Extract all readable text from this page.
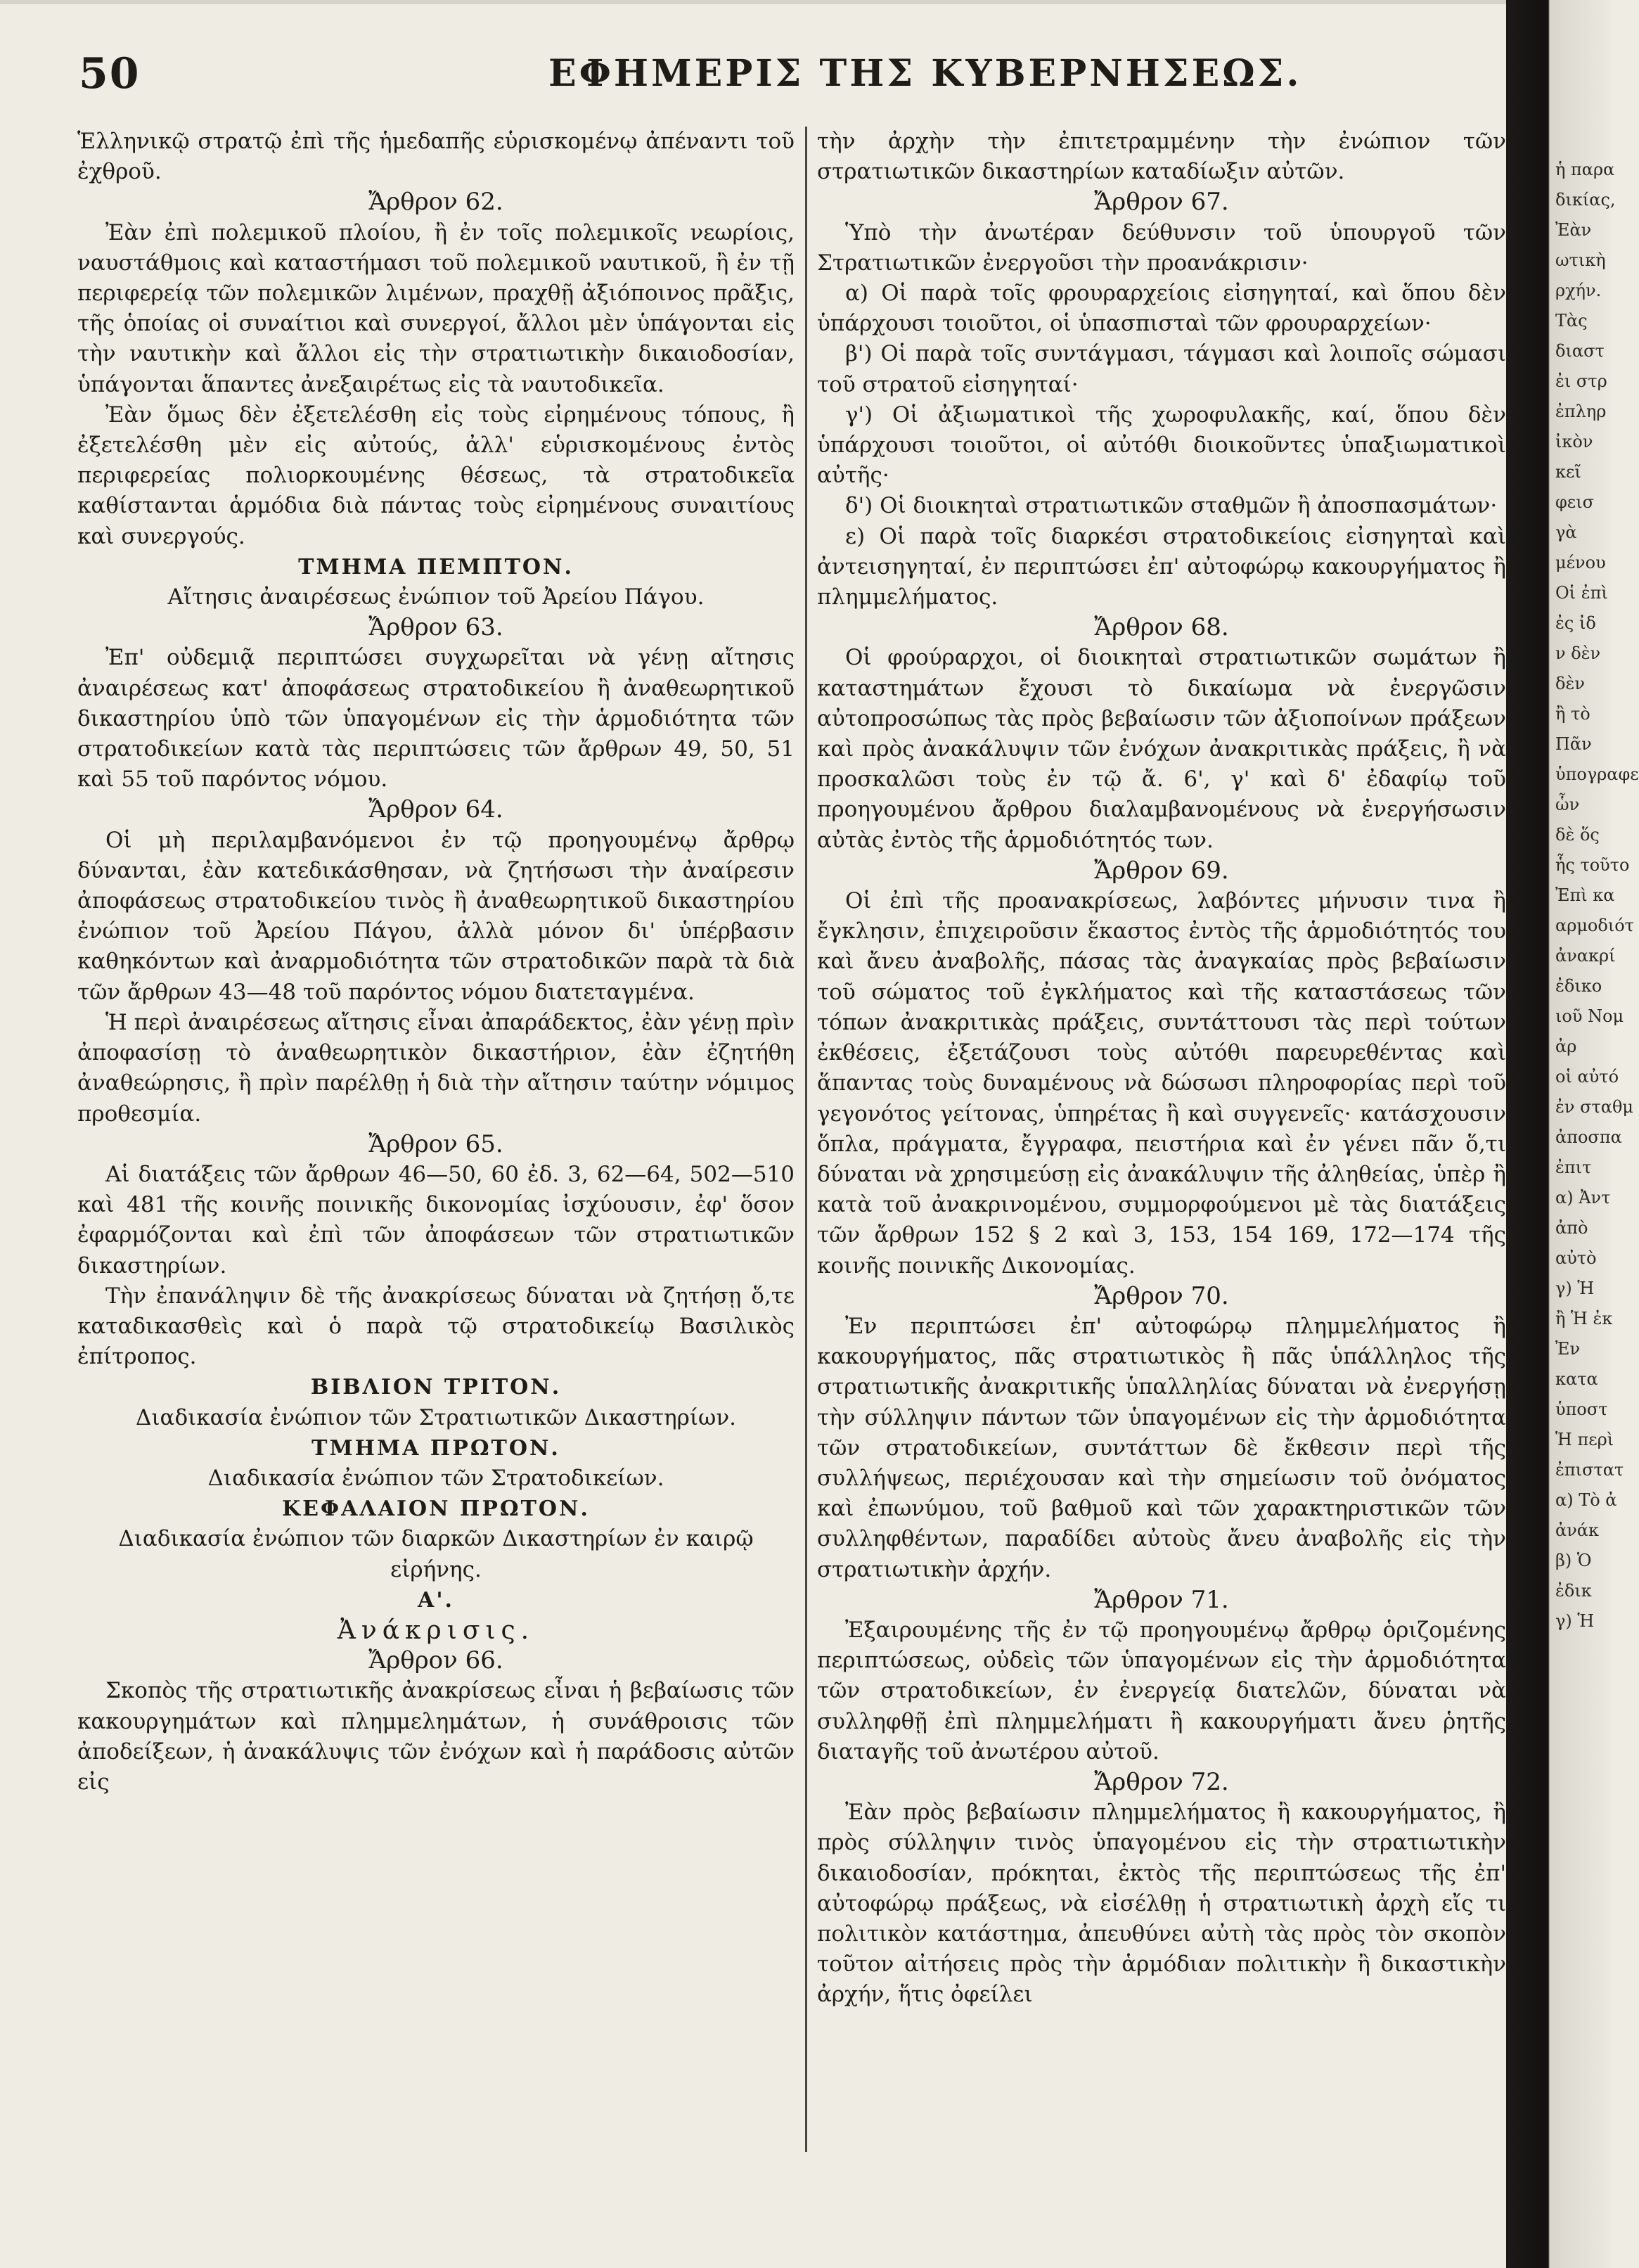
50	ΕΦΗΜΕΡΙΣ ΤΗΣ ΚΥΒΕΡΝΗΣΕΩΣ.

Ἑλληνικῷ στρατῷ ἐπὶ τῆς ἡμεδαπῆς εὑρισκομένῳ ἀπέναντι τοῦ ἐχθροῦ.

Ἄρθρον 62.

Ἐὰν ἐπὶ πολεμικοῦ πλοίου, ἢ ἐν τοῖς πολεμικοῖς νεωρίοις, ναυστάθμοις καὶ καταστήμασι τοῦ πολεμικοῦ ναυτικοῦ, ἢ ἐν τῇ περιφερείᾳ τῶν πολεμικῶν λιμένων, πραχθῇ ἀξιόποινος πρᾶξις, τῆς ὁποίας οἱ συναίτιοι καὶ συνεργοί, ἄλλοι μὲν ὑπάγονται εἰς τὴν ναυτικὴν καὶ ἄλλοι εἰς τὴν στρατιωτικὴν δικαιοδοσίαν, ὑπάγονται ἅπαντες ἀνεξαιρέτως εἰς τὰ ναυτοδικεῖα.

Ἐὰν ὅμως δὲν ἐξετελέσθη εἰς τοὺς εἰρημένους τόπους, ἢ ἐξετελέσθη μὲν εἰς αὐτούς, ἀλλ' εὑρισκομένους ἐντὸς περιφερείας πολιορκουμένης θέσεως, τὰ στρατοδικεῖα καθίστανται ἁρμόδια διὰ πάντας τοὺς εἰρημένους συναιτίους καὶ συνεργούς.

ΤΜΗΜΑ ΠΕΜΠΤΟΝ.
Αἴτησις ἀναιρέσεως ἐνώπιον τοῦ Ἀρείου Πάγου.
Ἄρθρον 63.

Ἐπ' οὐδεμιᾷ περιπτώσει συγχωρεῖται νὰ γένῃ αἴτησις ἀναιρέσεως κατ' ἀποφάσεως στρατοδικείου ἢ ἀναθεωρητικοῦ δικαστηρίου ὑπὸ τῶν ὑπαγομένων εἰς τὴν ἁρμοδιότητα τῶν στρατοδικείων κατὰ τὰς περιπτώσεις τῶν ἄρθρων 49, 50, 51 καὶ 55 τοῦ παρόντος νόμου.

Ἄρθρον 64.

Οἱ μὴ περιλαμβανόμενοι ἐν τῷ προηγουμένῳ ἄρθρῳ δύνανται, ἐὰν κατεδικάσθησαν, νὰ ζητήσωσι τὴν ἀναίρεσιν ἀποφάσεως στρατοδικείου τινὸς ἢ ἀναθεωρητικοῦ δικαστηρίου ἐνώπιον τοῦ Ἀρείου Πάγου, ἀλλὰ μόνον δι' ὑπέρβασιν καθηκόντων καὶ ἀναρμοδιότητα τῶν στρατοδικῶν παρὰ τὰ διὰ τῶν ἄρθρων 43—48 τοῦ παρόντος νόμου διατεταγμένα.

Ἡ περὶ ἀναιρέσεως αἴτησις εἶναι ἀπαράδεκτος, ἐὰν γένῃ πρὶν ἀποφασίσῃ τὸ ἀναθεωρητικὸν δικαστήριον, ἐὰν ἐζητήθη ἀναθεώρησις, ἢ πρὶν παρέλθῃ ἡ διὰ τὴν αἴτησιν ταύτην νόμιμος προθεσμία.

Ἄρθρον 65.

Αἱ διατάξεις τῶν ἄρθρων 46—50, 60 ἐδ. 3, 62—64, 502—510 καὶ 481 τῆς κοινῆς ποινικῆς δικονομίας ἰσχύουσιν, ἐφ' ὅσον ἐφαρμόζονται καὶ ἐπὶ τῶν ἀποφάσεων τῶν στρατιωτικῶν δικαστηρίων.

Τὴν ἐπανάληψιν δὲ τῆς ἀνακρίσεως δύναται νὰ ζητήσῃ ὅ,τε καταδικασθεὶς καὶ ὁ παρὰ τῷ στρατοδικείῳ Βασιλικὸς ἐπίτροπος.

ΒΙΒΛΙΟΝ ΤΡΙΤΟΝ.
Διαδικασία ἐνώπιον τῶν Στρατιωτικῶν Δικαστηρίων.
ΤΜΗΜΑ ΠΡΩΤΟΝ.
Διαδικασία ἐνώπιον τῶν Στρατοδικείων.
ΚΕΦΑΛΑΙΟΝ ΠΡΩΤΟΝ.
Διαδικασία ἐνώπιον τῶν διαρκῶν Δικαστηρίων ἐν καιρῷ εἰρήνης.
Α'.
Ἀνάκρισις.
Ἄρθρον 66.

Σκοπὸς τῆς στρατιωτικῆς ἀνακρίσεως εἶναι ἡ βεβαίωσις τῶν κακουργημάτων καὶ πλημμελημάτων, ἡ συνάθροισις τῶν ἀποδείξεων, ἡ ἀνακάλυψις τῶν ἐνόχων καὶ ἡ παράδοσις αὐτῶν εἰς

τὴν ἀρχὴν τὴν ἐπιτετραμμένην τὴν ἐνώπιον τῶν στρατιωτικῶν δικαστηρίων καταδίωξιν αὐτῶν.

Ἄρθρον 67.

Ὑπὸ τὴν ἀνωτέραν δεύθυνσιν τοῦ ὑπουργοῦ τῶν Στρατιωτικῶν ἐνεργοῦσι τὴν προανάκρισιν·

α) Οἱ παρὰ τοῖς φρουραρχείοις εἰσηγηταί, καὶ ὅπου δὲν ὑπάρχουσι τοιοῦτοι, οἱ ὑπασπισταὶ τῶν φρουραρχείων·

β') Οἱ παρὰ τοῖς συντάγμασι, τάγμασι καὶ λοιποῖς σώμασι τοῦ στρατοῦ εἰσηγηταί·

γ') Οἱ ἀξιωματικοὶ τῆς χωροφυλακῆς, καί, ὅπου δὲν ὑπάρχουσι τοιοῦτοι, οἱ αὐτόθι διοικοῦντες ὑπαξιωματικοὶ αὐτῆς·

δ') Οἱ διοικηταὶ στρατιωτικῶν σταθμῶν ἢ ἀποσπασμάτων·

ε) Οἱ παρὰ τοῖς διαρκέσι στρατοδικείοις εἰσηγηταὶ καὶ ἀντεισηγηταί, ἐν περιπτώσει ἐπ' αὐτοφώρῳ κακουργήματος ἢ πλημμελήματος.

Ἄρθρον 68.

Οἱ φρούραρχοι, οἱ διοικηταὶ στρατιωτικῶν σωμάτων ἢ καταστημάτων ἔχουσι τὸ δικαίωμα νὰ ἐνεργῶσιν αὐτοπροσώπως τὰς πρὸς βεβαίωσιν τῶν ἀξιοποίνων πράξεων καὶ πρὸς ἀνακάλυψιν τῶν ἐνόχων ἀνακριτικὰς πράξεις, ἢ νὰ προσκαλῶσι τοὺς ἐν τῷ ἄ. 6', γ' καὶ δ' ἐδαφίῳ τοῦ προηγουμένου ἄρθρου διαλαμβανομένους νὰ ἐνεργήσωσιν αὐτὰς ἐντὸς τῆς ἁρμοδιότητός των.

Ἄρθρον 69.

Οἱ ἐπὶ τῆς προανακρίσεως, λαβόντες μήνυσιν τινα ἢ ἔγκλησιν, ἐπιχειροῦσιν ἕκαστος ἐντὸς τῆς ἁρμοδιότητός του καὶ ἄνευ ἀναβολῆς, πάσας τὰς ἀναγκαίας πρὸς βεβαίωσιν τοῦ σώματος τοῦ ἐγκλήματος καὶ τῆς καταστάσεως τῶν τόπων ἀνακριτικὰς πράξεις, συντάττουσι τὰς περὶ τούτων ἐκθέσεις, ἐξετάζουσι τοὺς αὐτόθι παρευρεθέντας καὶ ἅπαντας τοὺς δυναμένους νὰ δώσωσι πληροφορίας περὶ τοῦ γεγονότος γείτονας, ὑπηρέτας ἢ καὶ συγγενεῖς· κατάσχουσιν ὅπλα, πράγματα, ἔγγραφα, πειστήρια καὶ ἐν γένει πᾶν ὅ,τι δύναται νὰ χρησιμεύσῃ εἰς ἀνακάλυψιν τῆς ἀληθείας, ὑπὲρ ἢ κατὰ τοῦ ἀνακρινομένου, συμμορφούμενοι μὲ τὰς διατάξεις τῶν ἄρθρων 152 § 2 καὶ 3, 153, 154 169, 172—174 τῆς κοινῆς ποινικῆς Δικονομίας.

Ἄρθρον 70.

Ἐν περιπτώσει ἐπ' αὐτοφώρῳ πλημμελήματος ἢ κακουργήματος, πᾶς στρατιωτικὸς ἢ πᾶς ὑπάλληλος τῆς στρατιωτικῆς ἀνακριτικῆς ὑπαλληλίας δύναται νὰ ἐνεργήσῃ τὴν σύλληψιν πάντων τῶν ὑπαγομένων εἰς τὴν ἁρμοδιότητα τῶν στρατοδικείων, συντάττων δὲ ἔκθεσιν περὶ τῆς συλλήψεως, περιέχουσαν καὶ τὴν σημείωσιν τοῦ ὀνόματος καὶ ἐπωνύμου, τοῦ βαθμοῦ καὶ τῶν χαρακτηριστικῶν τῶν συλληφθέντων, παραδίδει αὐτοὺς ἄνευ ἀναβολῆς εἰς τὴν στρατιωτικὴν ἀρχήν.

Ἄρθρον 71.

Ἐξαιρουμένης τῆς ἐν τῷ προηγουμένῳ ἄρθρῳ ὁριζομένης περιπτώσεως, οὐδεὶς τῶν ὑπαγομένων εἰς τὴν ἁρμοδιότητα τῶν στρατοδικείων, ἐν ἐνεργείᾳ διατελῶν, δύναται νὰ συλληφθῇ ἐπὶ πλημμελήματι ἢ κακουργήματι ἄνευ ῥητῆς διαταγῆς τοῦ ἀνωτέρου αὐτοῦ.

Ἄρθρον 72.

Ἐὰν πρὸς βεβαίωσιν πλημμελήματος ἢ κακουργήματος, ἢ πρὸς σύλληψιν τινὸς ὑπαγομένου εἰς τὴν στρατιωτικὴν δικαιοδοσίαν, πρόκηται, ἐκτὸς τῆς περιπτώσεως τῆς ἐπ' αὐτοφώρῳ πράξεως, νὰ εἰσέλθῃ ἡ στρατιωτικὴ ἀρχὴ εἴς τι πολιτικὸν κατάστημα, ἀπευθύνει αὐτὴ τὰς πρὸς τὸν σκοπὸν τοῦτον αἰτήσεις πρὸς τὴν ἁρμόδιαν πολιτικὴν ἢ δικαστικὴν ἀρχήν, ἥτις ὀφείλει

ἡ παρα
δικίας,
Ἐὰν
ωτικὴ
ρχήν.
Τὰς
διαστ
ἐι στρ
ἐπληρ
ἰκὸν
κεῖ
φεισ
γὰ
μένου
Οἱ ἐπὶ
ἐς ἰδ
ν δὲν
δὲν
ἢ τὸ
Πᾶν
ὑπογραφε
ὧν
δὲ ὅς
ἧς τοῦτο
Ἐπὶ κα
αρμοδιότ
ἀνακρί
ἐδικο
ιοῦ Νομ
ἀρ
οἱ αὐτό
ἐν σταθμ
ἀποσπα
ἐπιτ
α) Ἀντ
ἀπὸ
αὐτὸ
γ) Ἡ
ἢ Ἡ ἐκ
Ἐν
κατα
ὑποστ
Ἡ περὶ
ἐπιστατ
α) Τὸ ἀ
ἀνάκ
β) Ὁ
ἐδικ
γ) Ἡ
